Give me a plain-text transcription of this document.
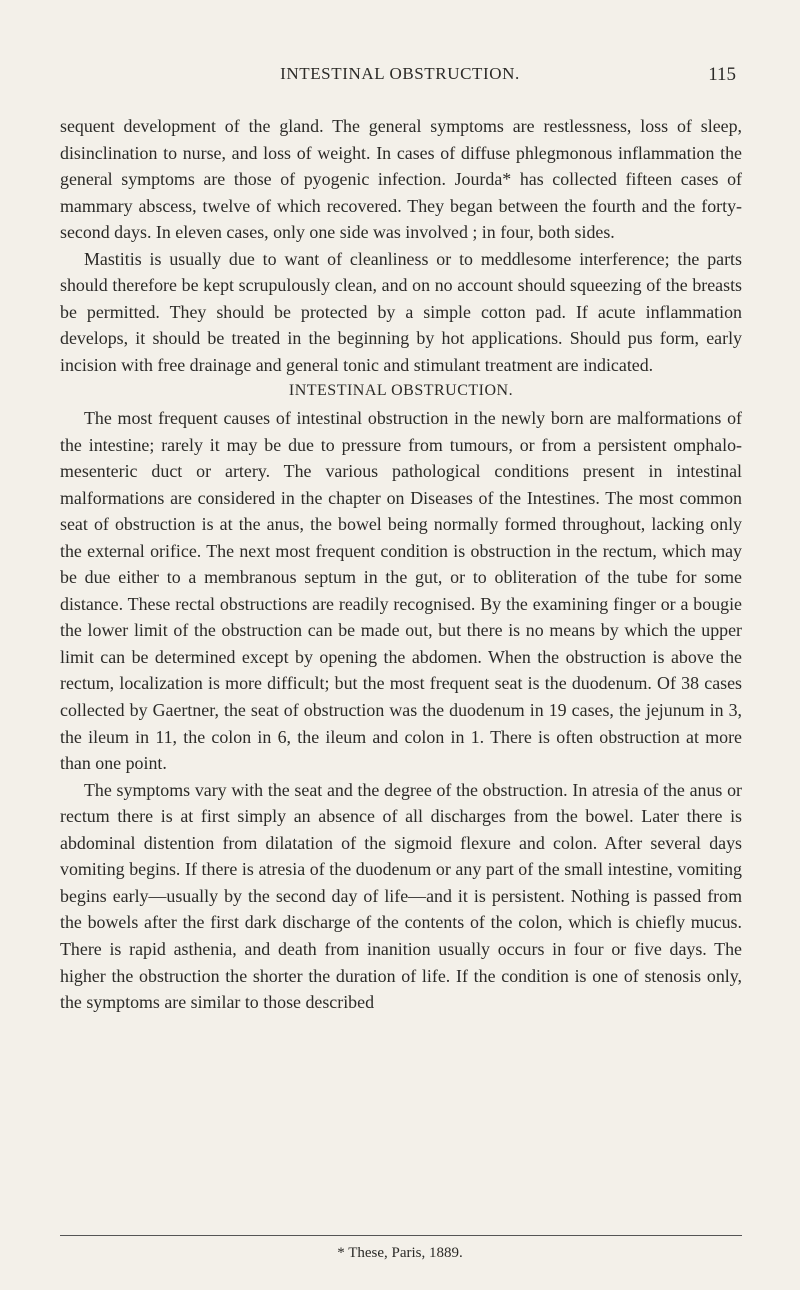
INTESTINAL OBSTRUCTION.	115

sequent development of the gland. The general symptoms are restlessness, loss of sleep, disinclination to nurse, and loss of weight. In cases of diffuse phlegmonous inflammation the general symptoms are those of pyogenic infection. Jourda* has collected fifteen cases of mammary abscess, twelve of which recovered. They began between the fourth and the forty-second days. In eleven cases, only one side was involved ; in four, both sides.

Mastitis is usually due to want of cleanliness or to meddlesome interference; the parts should therefore be kept scrupulously clean, and on no account should squeezing of the breasts be permitted. They should be protected by a simple cotton pad. If acute inflammation develops, it should be treated in the beginning by hot applications. Should pus form, early incision with free drainage and general tonic and stimulant treatment are indicated.

INTESTINAL OBSTRUCTION.

The most frequent causes of intestinal obstruction in the newly born are malformations of the intestine; rarely it may be due to pressure from tumours, or from a persistent omphalo-mesenteric duct or artery. The various pathological conditions present in intestinal malformations are considered in the chapter on Diseases of the Intestines. The most common seat of obstruction is at the anus, the bowel being normally formed throughout, lacking only the external orifice. The next most frequent condition is obstruction in the rectum, which may be due either to a membranous septum in the gut, or to obliteration of the tube for some distance. These rectal obstructions are readily recognised. By the examining finger or a bougie the lower limit of the obstruction can be made out, but there is no means by which the upper limit can be determined except by opening the abdomen. When the obstruction is above the rectum, localization is more difficult; but the most frequent seat is the duodenum. Of 38 cases collected by Gaertner, the seat of obstruction was the duodenum in 19 cases, the jejunum in 3, the ileum in 11, the colon in 6, the ileum and colon in 1. There is often obstruction at more than one point.

The symptoms vary with the seat and the degree of the obstruction. In atresia of the anus or rectum there is at first simply an absence of all discharges from the bowel. Later there is abdominal distention from dilatation of the sigmoid flexure and colon. After several days vomiting begins. If there is atresia of the duodenum or any part of the small intestine, vomiting begins early—usually by the second day of life—and it is persistent. Nothing is passed from the bowels after the first dark discharge of the contents of the colon, which is chiefly mucus. There is rapid asthenia, and death from inanition usually occurs in four or five days. The higher the obstruction the shorter the duration of life. If the condition is one of stenosis only, the symptoms are similar to those described

* These, Paris, 1889.
